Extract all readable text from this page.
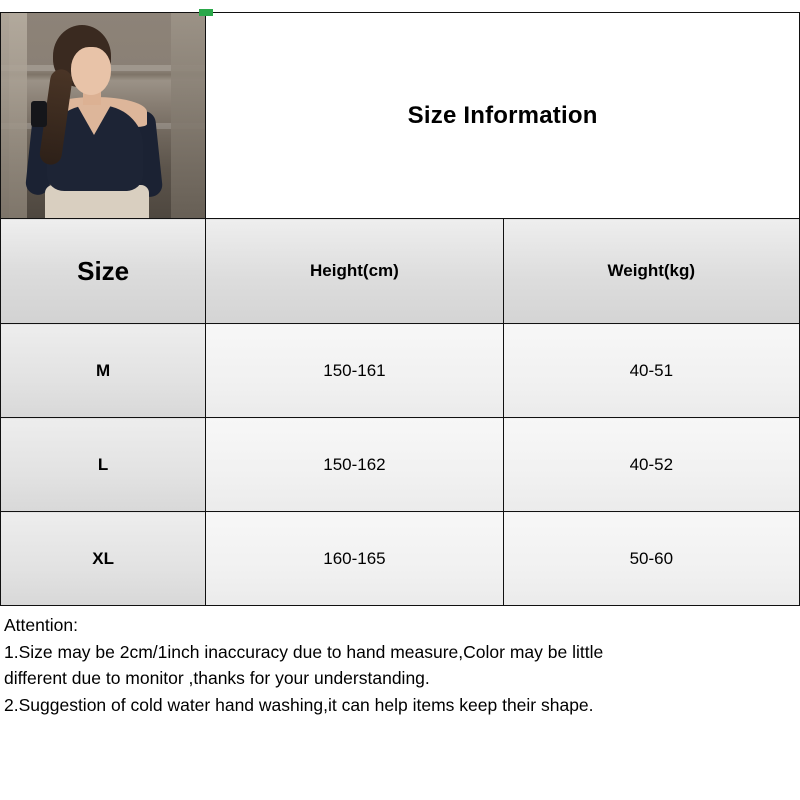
	Size Information	
Size	Height(cm)	Weight(kg)
M	150-161	40-51
L	150-162	40-52
XL	160-165	50-60
Attention:
1.Size may be 2cm/1inch inaccuracy due to hand measure,Color may be little
different due to monitor ,thanks for your understanding.
2.Suggestion of cold water hand washing,it can help items keep their shape.
